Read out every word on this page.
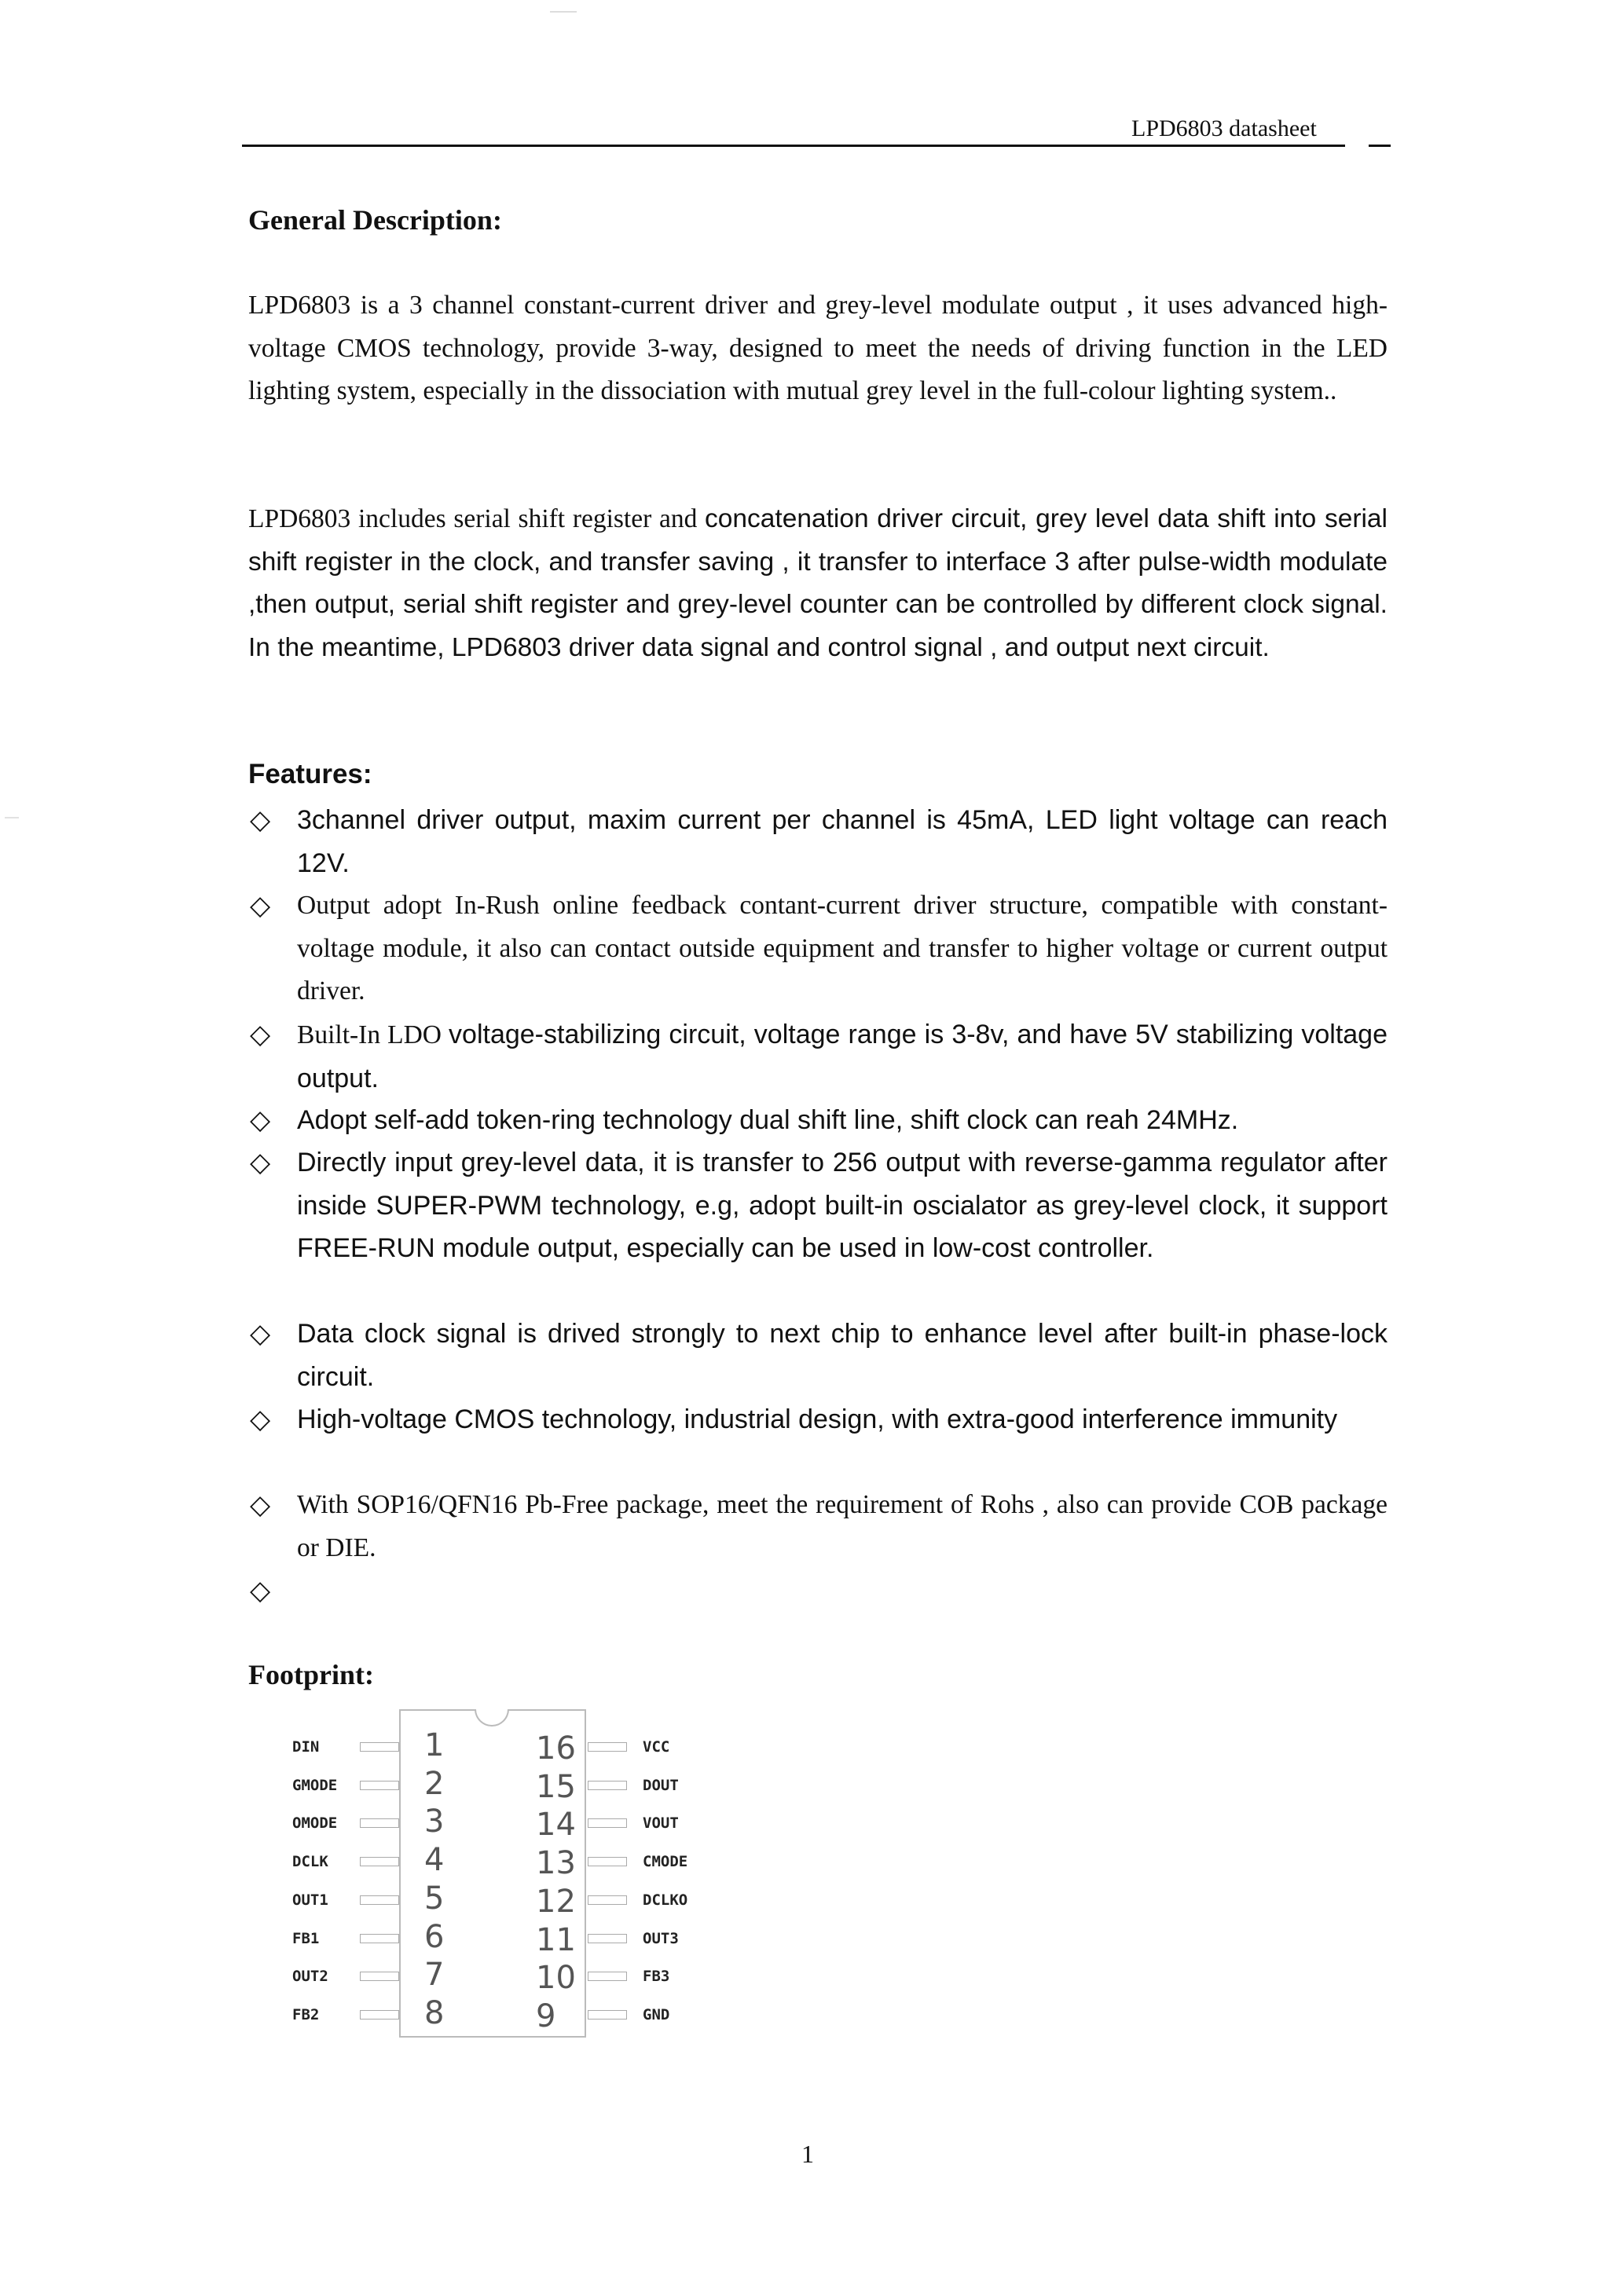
LPD6803 datasheet
General Description:
LPD6803 is a 3 channel constant-current driver and grey-level modulate output , it uses advanced high-voltage CMOS technology, provide 3-way, designed to meet the needs of driving function in the LED lighting system, especially in the dissociation with mutual grey level in the full-colour lighting system..
LPD6803 includes serial shift register and concatenation driver circuit, grey level data shift into serial shift register in the clock, and transfer saving , it transfer to interface 3 after pulse-width modulate ,then output, serial shift register and grey-level counter can be controlled by different clock signal. In the meantime, LPD6803 driver data signal and control signal , and output next circuit.
Features:
◇ 3channel driver output, maxim current per channel is 45mA, LED light voltage can reach 12V.
◇ Output adopt In-Rush online feedback contant-current driver structure, compatible with constant-voltage module, it also can contact outside equipment and transfer to higher voltage or current output driver.
◇ Built-In LDO voltage-stabilizing circuit, voltage range is 3-8v, and have 5V stabilizing voltage output.
◇ Adopt self-add token-ring technology dual shift line, shift clock can reah 24MHz.
◇ Directly input grey-level data, it is transfer to 256 output with reverse-gamma regulator after inside SUPER-PWM technology, e.g, adopt built-in oscialator as grey-level clock, it support FREE-RUN module output, especially can be used in low-cost controller.
◇ Data clock signal is drived strongly to next chip to enhance level after built-in phase-lock circuit.
◇ High-voltage CMOS technology, industrial design, with extra-good interference immunity
◇ With SOP16/QFN16 Pb-Free package, meet the requirement of Rohs , also can provide COB package or DIE.
◇
Footprint:
DIN	1
GMODE	2
OMODE	3
DCLK	4
OUT1	5
FB1	6
OUT2	7
FB2	8
16	VCC
15	DOUT
14	VOUT
13	CMODE
12	DCLKO
11	OUT3
10	FB3
9	GND
1
